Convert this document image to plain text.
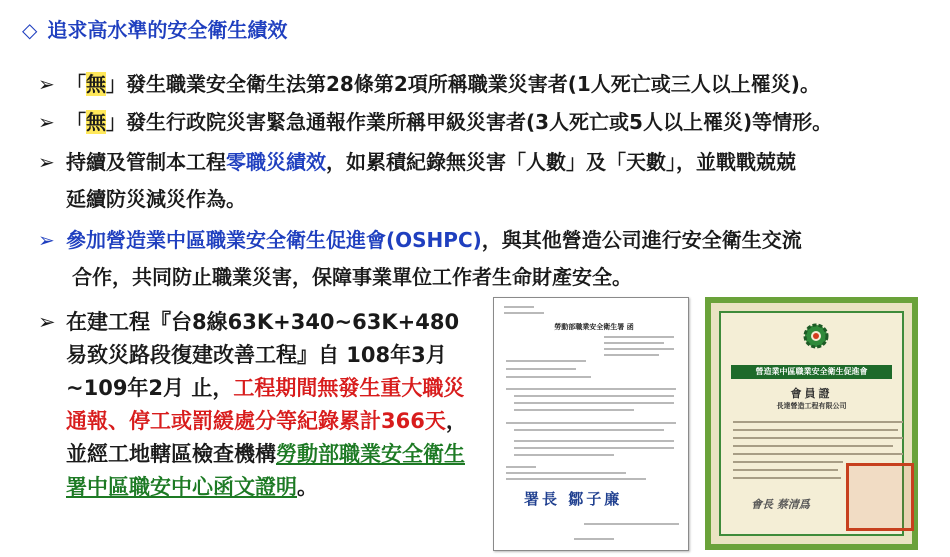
◇ 追求高水準的安全衛生績效
➢ 「無」發生職業安全衛生法第28條第2項所稱職業災害者(1人死亡或三人以上罹災)。
➢ 「無」發生行政院災害緊急通報作業所稱甲級災害者(3人死亡或5人以上罹災)等情形。
➢ 持續及管制本工程零職災績效，如累積紀錄無災害「人數」及「天數」，並戰戰兢兢
延續防災減災作為。
➢ 參加營造業中區職業安全衛生促進會(OSHPC)，與其他營造公司進行安全衛生交流
合作，共同防止職業災害，保障事業單位工作者生命財產安全。
➢ 在建工程『台8線63K+340~63K+480易致災路段復建改善工程』自 108年3月~109年2月 止，工程期間無發生重大職災通報、停工或罰緩處分等紀錄累計366天，並經工地轄區檢查機構勞動部職業安全衛生署中區職安中心函文證明。
勞動部職業安全衛生署 函
署長 鄒子廉
營造業中區職業安全衛生促進會
會員證
長達營造工程有限公司
會長 蔡清爲
